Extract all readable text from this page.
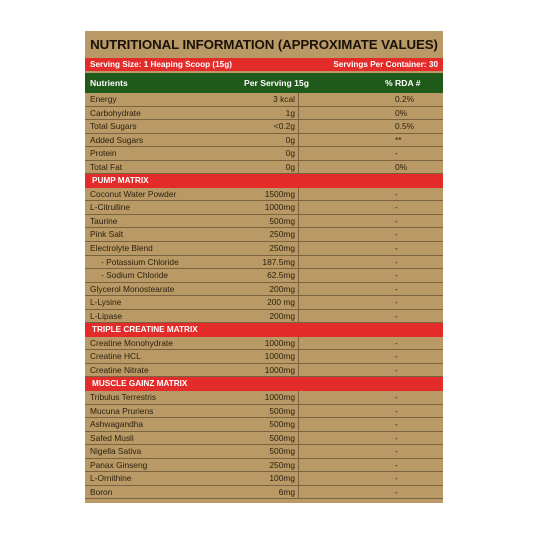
NUTRITIONAL INFORMATION (APPROXIMATE VALUES)
Serving Size: 1 Heaping Scoop (15g)	Servings Per Container: 30
Nutrients	Per Serving 15g	% RDA #
Energy	3 kcal	0.2%
Carbohydrate	1g	0%
Total Sugars	<0.2g	0.5%
Added Sugars	0g	**
Protein	0g	-
Total Fat	0g	0%
PUMP MATRIX
Coconut Water Powder	1500mg	-
L-Citrulline	1000mg	-
Taurine	500mg	-
Pink Salt	250mg	-
Electrolyte Blend	250mg	-
- Potassium Chloride	187.5mg	-
- Sodium Chloride	62.5mg	-
Glycerol Monostearate	200mg	-
L-Lysine	200 mg	-
L-Lipase	200mg	-
TRIPLE CREATINE MATRIX
Creatine Monohydrate	1000mg	-
Creatine HCL	1000mg	-
Creatine Nitrate	1000mg	-
MUSCLE GAINZ MATRIX
Tribulus Terrestris	1000mg	-
Mucuna Pruriens	500mg	-
Ashwagandha	500mg	-
Safed Musli	500mg	-
Nigella Sativa	500mg	-
Panax Ginseng	250mg	-
L-Ornithine	100mg	-
Boron	6mg	-
